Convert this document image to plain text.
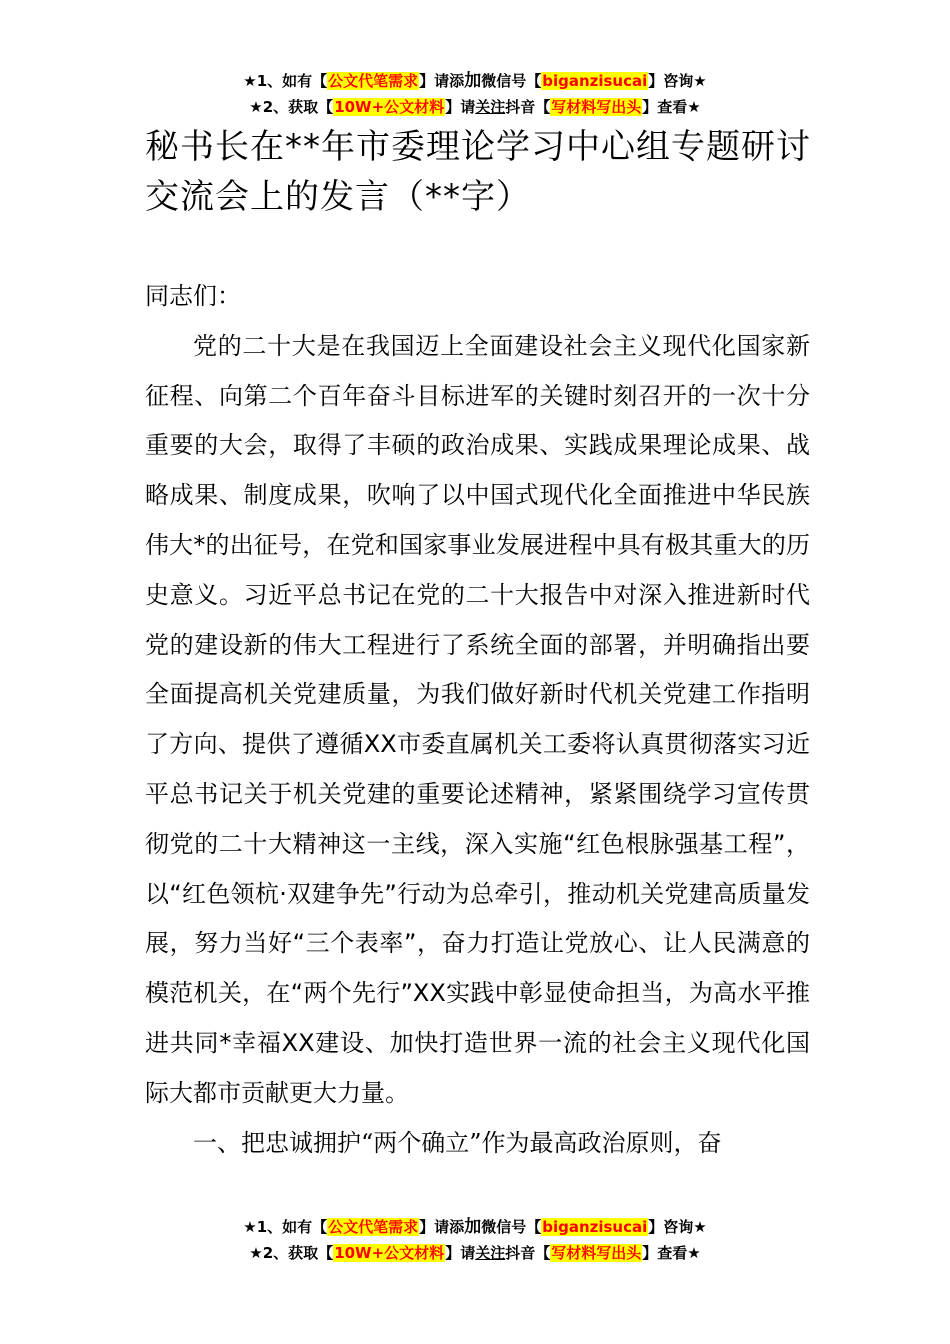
★1、如有【公文代笔需求】请添加微信号【biganzisucai】咨询★
★2、获取【10W+公文材料】请关注抖音【写材料写出头】查看★
秘书长在**年市委理论学习中心组专题研讨交流会上的发言（**字）

同志们：

党的二十大是在我国迈上全面建设社会主义现代化国家新征程、向第二个百年奋斗目标进军的关键时刻召开的一次十分重要的大会，取得了丰硕的政治成果、实践成果理论成果、战略成果、制度成果，吹响了以中国式现代化全面推进中华民族伟大*的出征号，在党和国家事业发展进程中具有极其重大的历史意义。习近平总书记在党的二十大报告中对深入推进新时代党的建设新的伟大工程进行了系统全面的部署，并明确指出要全面提高机关党建质量，为我们做好新时代机关党建工作指明了方向、提供了遵循XX市委直属机关工委将认真贯彻落实习近平总书记关于机关党建的重要论述精神，紧紧围绕学习宣传贯彻党的二十大精神这一主线，深入实施“红色根脉强基工程”，以“红色领杭·双建争先”行动为总牵引，推动机关党建高质量发展，努力当好“三个表率”，奋力打造让党放心、让人民满意的模范机关，在“两个先行”XX实践中彰显使命担当，为高水平推进共同*幸福XX建设、加快打造世界一流的社会主义现代化国际大都市贡献更大力量。

一、把忠诚拥护“两个确立”作为最高政治原则，奋

★1、如有【公文代笔需求】请添加微信号【biganzisucai】咨询★
★2、获取【10W+公文材料】请关注抖音【写材料写出头】查看★
